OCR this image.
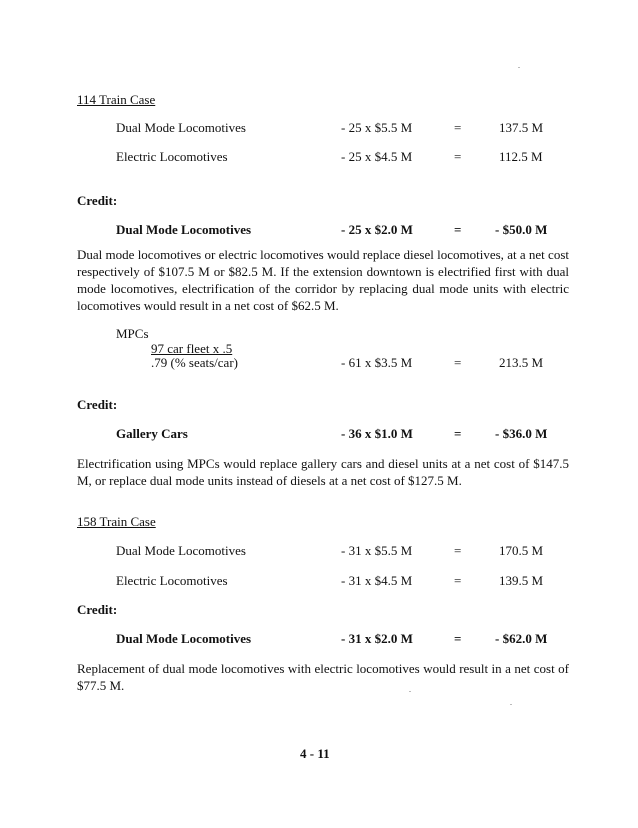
114 Train Case
Dual Mode Locomotives	- 25 x $5.5 M	=	137.5 M
Electric Locomotives	- 25 x $4.5 M	=	112.5 M
Credit:
Dual Mode Locomotives	- 25 x $2.0 M	=	- $50.0 M
Dual mode locomotives or electric locomotives would replace diesel locomotives, at a net cost respectively of $107.5 M or $82.5 M. If the extension downtown is electrified first with dual mode locomotives, electrification of the corridor by replacing dual mode units with electric locomotives would result in a net cost of $62.5 M.
MPCs
97 car fleet x .5
.79 (% seats/car)	- 61 x $3.5 M	=	213.5 M
Credit:
Gallery Cars	- 36 x $1.0 M	=	- $36.0 M
Electrification using MPCs would replace gallery cars and diesel units at a net cost of $147.5 M, or replace dual mode units instead of diesels at a net cost of $127.5 M.
158 Train Case
Dual Mode Locomotives	- 31 x $5.5 M	=	170.5 M
Electric Locomotives	- 31 x $4.5 M	=	139.5 M
Credit:
Dual Mode Locomotives	- 31 x $2.0 M	=	- $62.0 M
Replacement of dual mode locomotives with electric locomotives would result in a net cost of $77.5 M.
4 - 11
